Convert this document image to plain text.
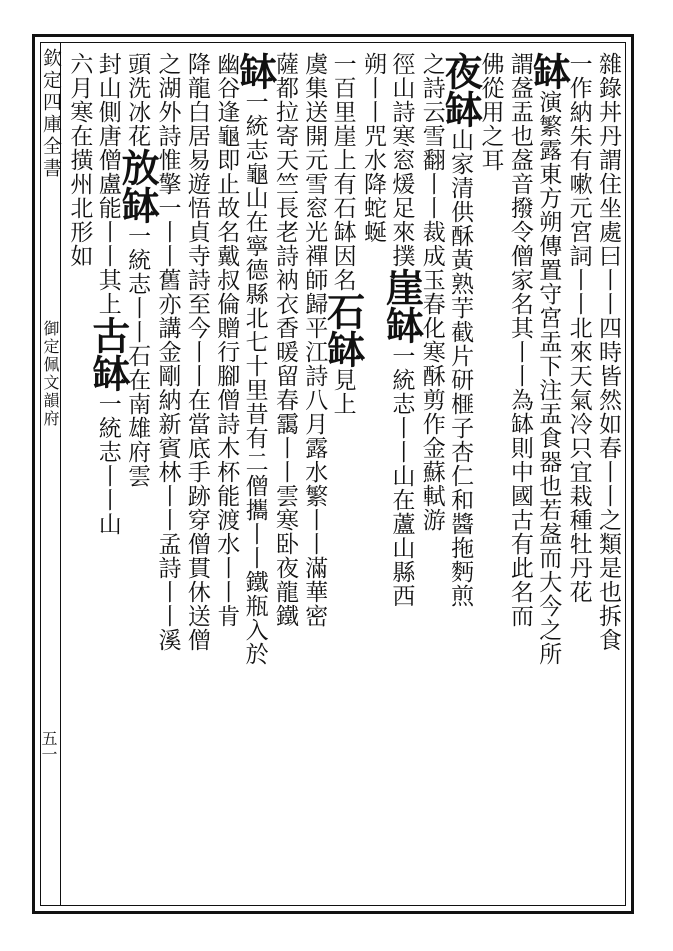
欽定四庫全書
御定佩文韻府
五一
雜錄丼丹謂住坐處曰丨丨四時皆然如春丨丨之類是也拆食
一作納朱有嗽元宮詞丨丨北來天氣冷只宜栽種牡丹花
缽演繁露東方朔傳置守宮盂下注盂食器也若盋而大今之所
謂盋盂也盋音撥令僧家名其丨丨為缽則中國古有此名而
佛從用之耳
夜缽山家清供酥黃熟芋截片研榧子杏仁和醬拖麪煎
之詩云雪翻丨丨裁成玉春化寒酥剪作金蘇軾游
徑山詩寒窓煖足來撲崖缽一統志丨丨山在蘆山縣西
朔丨丨咒水降蛇蜒
一百里崖上有石缽因名石缽見上
虞集送開元雪窓光禪師歸平江詩八月露水繁丨丨滿華密
薩都拉寄天竺長老詩衲衣香暖留春靄丨丨雲寒卧夜龍鐵
缽一統志龜山在寧德縣北七十里昔有二僧攜丨丨鐵瓶入於
幽谷逢龜即止故名戴叔倫贈行腳僧詩木杯能渡水丨丨肯
降龍白居易遊悟貞寺詩至今丨丨在當底手跡穿僧貫休送僧
之湖外詩惟擎一丨丨舊亦講金剛納新賓林丨丨孟詩丨丨溪
頭洗冰花放缽一統志丨丨石在南雄府雲
封山側唐僧盧能丨丨其上古缽一統志丨丨山
六月寒在撗州北形如
